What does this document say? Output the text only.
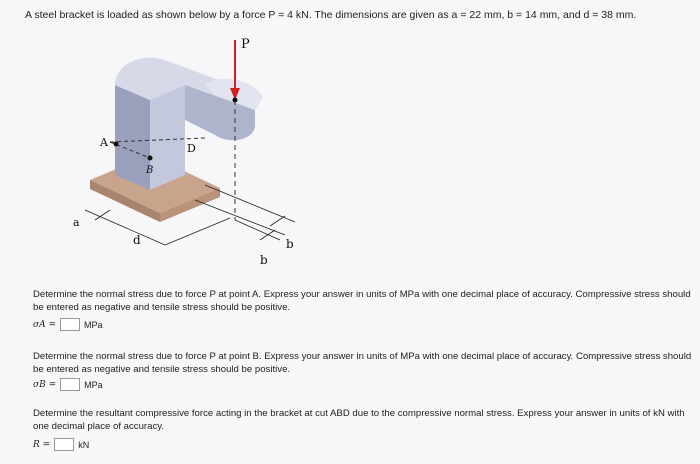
A steel bracket is loaded as shown below by a force P = 4 kN. The dimensions are given as a = 22 mm, b = 14 mm, and d = 38 mm.
P
A
B
D
a
d
b
b
Determine the normal stress due to force P at point A. Express your answer in units of MPa with one decimal place of accuracy. Compressive stress should be entered as negative and tensile stress should be positive.
σA =	MPa
Determine the normal stress due to force P at point B. Express your answer in units of MPa with one decimal place of accuracy. Compressive stress should be entered as negative and tensile stress should be positive.
σB =	MPa
Determine the resultant compressive force acting in the bracket at cut ABD due to the compressive normal stress. Express your answer in units of kN with one decimal place of accuracy.
R =	kN
